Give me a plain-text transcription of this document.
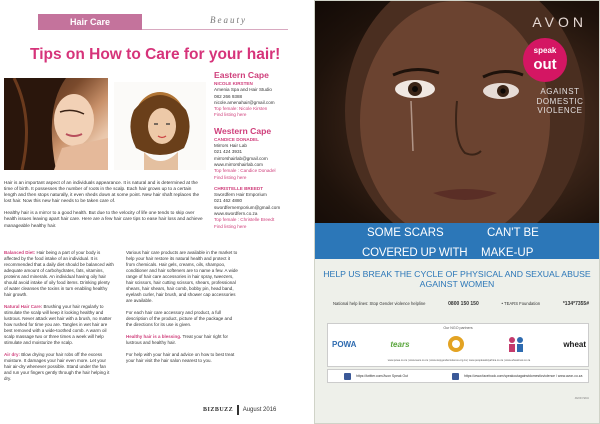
Hair Care	Beauty
Tips on How to Care for your hair!
Eastern Cape
NICOLE KIRSTEN
Amenia Spa and Hair Studio
082 266 9388
nicole.amenahair@gmail.com
Top female: Nicole Kirsten
Find listing here
Western Cape
CANDICE DONADEL
Mirrors Hair Lab
021 424 3931
mirrorshairlab@gmail.com
www.mirrorshairlab.com
Top female : Candice Donadel
Find listing here
CHRISTELLE BREEDT
Swordfern Hair Emporium
021 462 4880
swordfernemporium@gmail.com
www.swordfern.co.za
Top female : Christelle Breedt
Find listing here

Hair is an important aspect of an individuals appearance. It is natural and is determined at the time of birth. It possesses the number of roots in the scalp. Each hair grows up to a certain length and then stops naturally, it even sheds down at some point. New hair shaft replaces the lost hair. Now this new hair needs to be taken care of.

Healthy hair is a mirror to a good health. But due to the velocity of life one tends to skip over health issues leaving apart hair care. Here are a few hair care tips to ease hair loss and achieve manageable healthy hair.

Balanced Diet: Hair being a part of your body is affected by the food intake of an individual. It is recommended that a daily diet should be balanced with adequate amount of carbohydrates, fats, vitamins, proteins and minerals. An individual having oily hair should avoid intake of oily food items. Drinking plenty of water cleanses the toxins in turn enabling healthy hair growth.

Natural Hair Care: Brushing your hair regularly to stimulate the scalp will keep it looking healthy and lustrous. Never attack wet hair with a brush, no matter how rushed for time you are. Tangles in wet hair are best removed with a wide-toothed comb. A warm oil scalp massage two or three times a week will help stimulate and moisturize the scalp.

Air dry: Blow drying your hair robs off the excess moisture. It damages your hair even more. Let your hair air-dry whenever possible. Stand under the fan and run your fingers gently through the hair helping it dry.

Various hair care products are available in the market to help your hair restore its natural health and protect it from chemicals. Hair gels, creams, oils, shampoo, conditioner and hair softeners are to name a few. A wide range of hair care accessories in hair spray, tweezers, hair scissors, hair cutting scissors, shears, professional shears, hair shears, hair comb, bobby pin, head band, eyelash curler, hair brush, and shower cap accessories are available.

For each hair care accessory and product, a full description of the product, picture of the package and the directions for its use is given.

Healthy hair is a blessing. Treat your hair right for lustrous and healthy hair.

For help with your hair and advice on how to best treat your hair visit the hair salon nearest to you.

BIZBUZZ August 2016
AVON
speak
out
AGAINST DOMESTIC VIOLENCE
SOME SCARS
COVERED UP WITH
CAN'T BE
MAKE-UP
HELP US BREAK THE CYCLE OF PHYSICAL AND SEXUAL ABUSE AGAINST WOMEN
National help lines: Stop Gender violence helpline	0800 150 150	• TEARS Foundation	*134*7355#
Our NGO partners
POWA	tears	wheat
www.powa.co.za | www.tears.co.za | www.stopgenderviolence.org.za | www.peoplesafetyafrica.co.za | www.wheattrust.co.za
https://twitter.com/Avon Speak Out	https://www.facebook.com/speakoutagainstdomesticviolence / www.avon.co.za
AVON SKU
